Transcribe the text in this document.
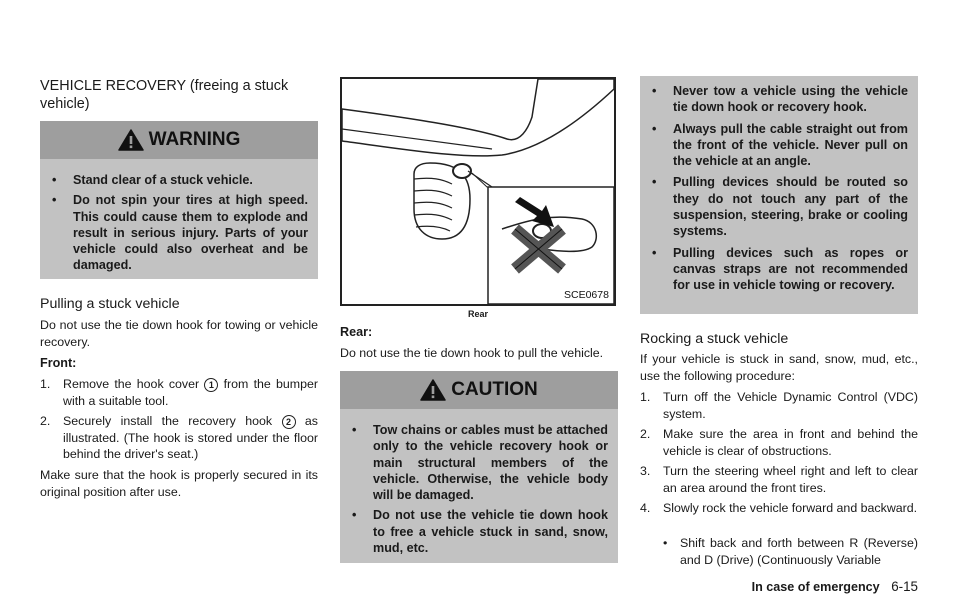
VEHICLE RECOVERY (freeing a stuck vehicle)
WARNING
• Stand clear of a stuck vehicle.
• Do not spin your tires at high speed. This could cause them to explode and result in serious injury. Parts of your vehicle could also overheat and be damaged.
Pulling a stuck vehicle

Do not use the tie down hook for towing or vehicle recovery.

Front:
1. Remove the hook cover 1 from the bumper with a suitable tool.
2. Securely install the recovery hook 2 as illustrated. (The hook is stored under the floor behind the driver's seat.)

Make sure that the hook is properly secured in its original position after use.

SCE0678
Rear
Rear:

Do not use the tie down hook to pull the vehicle.

CAUTION
• Tow chains or cables must be attached only to the vehicle recovery hook or main structural members of the vehicle. Otherwise, the vehicle body will be damaged.
• Do not use the vehicle tie down hook to free a vehicle stuck in sand, snow, mud, etc.
• Never tow a vehicle using the vehicle tie down hook or recovery hook.
• Always pull the cable straight out from the front of the vehicle. Never pull on the vehicle at an angle.
• Pulling devices should be routed so they do not touch any part of the suspension, steering, brake or cooling systems.
• Pulling devices such as ropes or canvas straps are not recommended for use in vehicle towing or recovery.
Rocking a stuck vehicle

If your vehicle is stuck in sand, snow, mud, etc., use the following procedure:

1. Turn off the Vehicle Dynamic Control (VDC) system.
2. Make sure the area in front and behind the vehicle is clear of obstructions.
3. Turn the steering wheel right and left to clear an area around the front tires.
4. Slowly rock the vehicle forward and backward.
• Shift back and forth between R (Reverse) and D (Drive) (Continuously Variable
In case of emergency 6-15
